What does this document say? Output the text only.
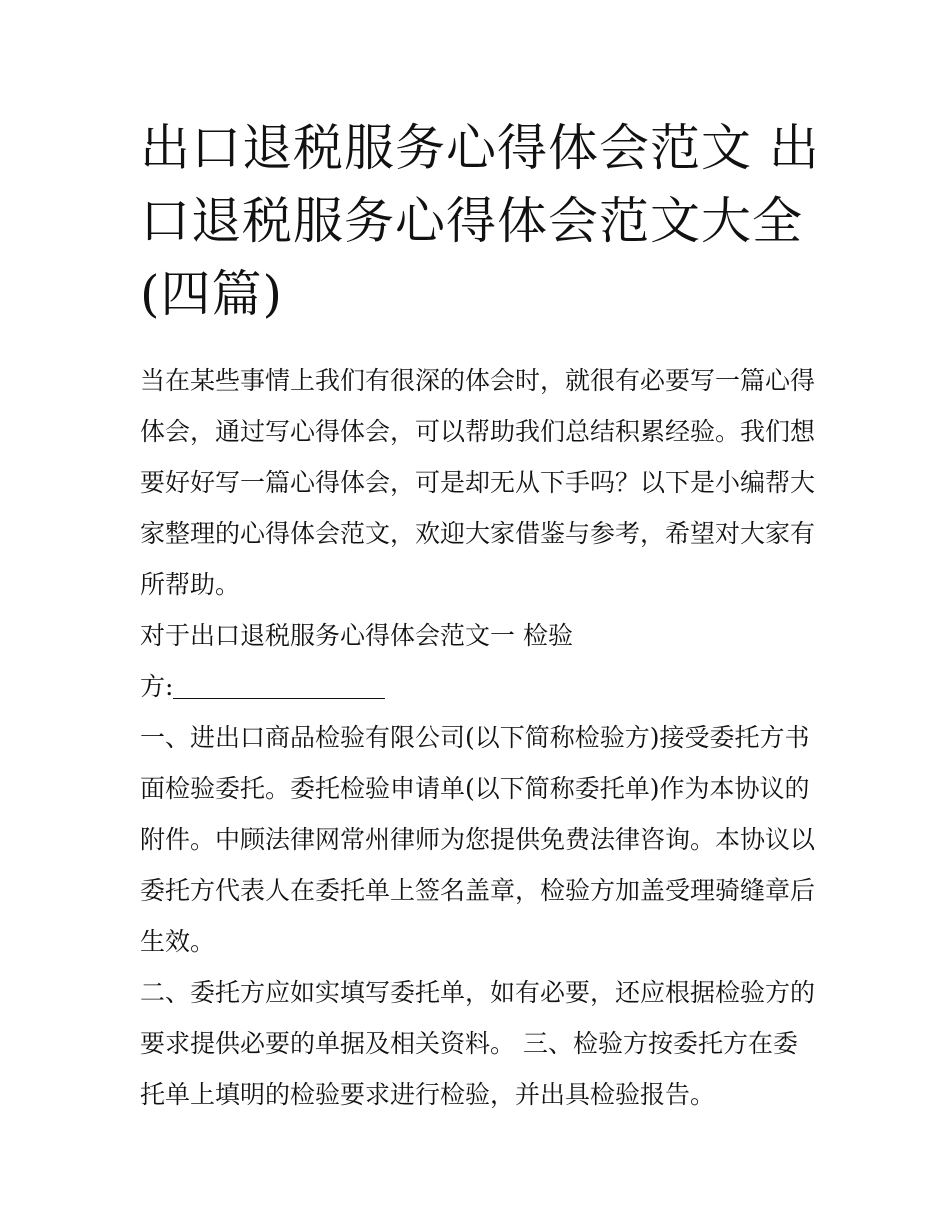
出口退税服务心得体会范文 出
口退税服务心得体会范文大全
(四篇)
当在某些事情上我们有很深的体会时，就很有必要写一篇心得
体会，通过写心得体会，可以帮助我们总结积累经验。我们想
要好好写一篇心得体会，可是却无从下手吗？以下是小编帮大
家整理的心得体会范文，欢迎大家借鉴与参考，希望对大家有
所帮助。
对于出口退税服务心得体会范文一 检验
方:
一、进出口商品检验有限公司(以下简称检验方)接受委托方书
面检验委托。委托检验申请单(以下简称委托单)作为本协议的
附件。中顾法律网常州律师为您提供免费法律咨询。本协议以
委托方代表人在委托单上签名盖章，检验方加盖受理骑缝章后
生效。
二、委托方应如实填写委托单，如有必要，还应根据检验方的
要求提供必要的单据及相关资料。 三、检验方按委托方在委
托单上填明的检验要求进行检验，并出具检验报告。
